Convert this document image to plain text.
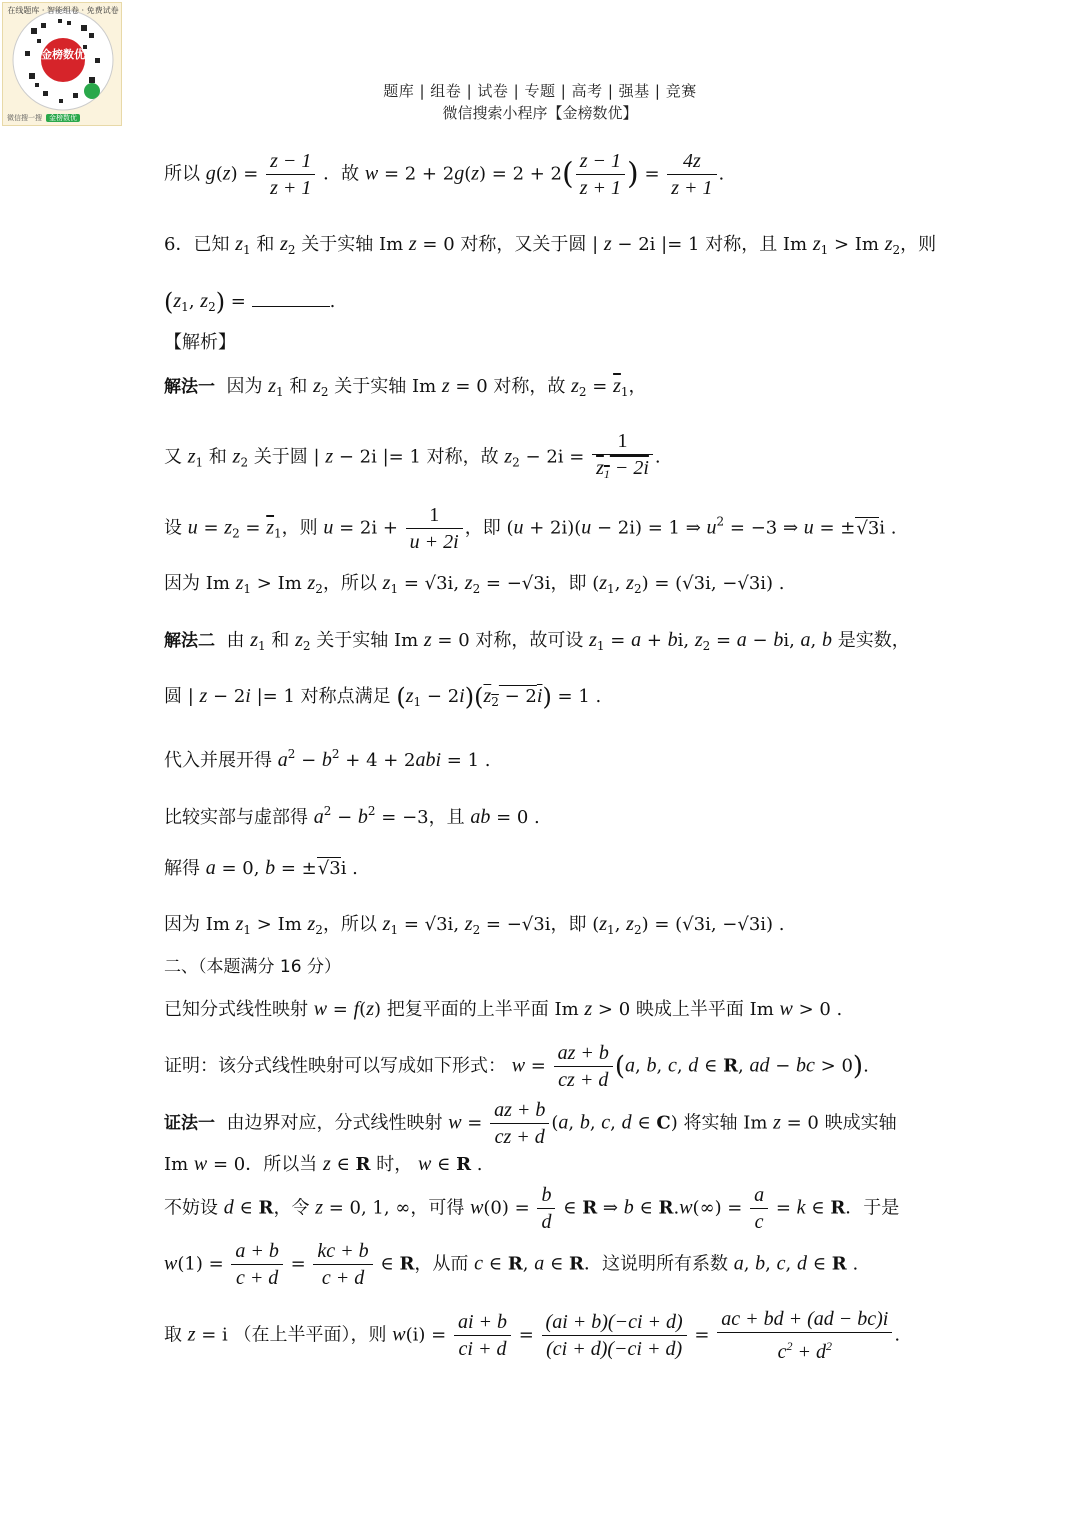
金榜数优
在线题库 · 智能组卷 · 免费试卷
微信搜一搜 金榜数优
题库 | 组卷 | 试卷 | 专题 | 高考 | 强基 | 竞赛
微信搜索小程序【金榜数优】
所以 $g(z) = \frac{z - 1}{z + 1}$ ．故 $w = 2 + 2g(z) = 2 + 2( \frac{z - 1}{z + 1}$ ) = $\frac{4z}{z + 1}$ .
6．已知 $z_1$ 和 $z_2$ 关于实轴 Im z = 0 对称，又关于圆 | z − 2i |= 1 对称，且 Im $z_1 > Im$ $z_2$，则
($z_1$, $z_2$) =	.
【解析】
解法一 因为 $z_1$ 和 $z_2$ 关于实轴 Im z = 0 对称，故 $z_2 = \overline{z}_1$，
又 $z_1$ 和 $z_2$ 关于圆 | z − 2i |= 1 对称，故 $z_2 - 2i = \frac{1}{z_1 - 2i}$ .
设 $u = z_2 = \overline{z}_1$，则 $u = 2i + \frac{1}{u + 2i}$ ，即 (u + 2i)(u − 2i) = 1 ⇒ $u^2 = -3$ ⇒ u = ±√3i .
因为 Im $z_1 > Im$ $z_2$，所以 $z_1 = √3i$, $z_2 = -√3i$，即 ($z_1$, $z_2) = (√3i$, −√3i) .
解法二 由 $z_1$ 和 $z_2$ 关于实轴 Im z = 0 对称，故可设 $z_1 = a$ + bi, $z_2 = a$ − bi, a, b 是实数，
圆 | z − 2i |= 1 对称点满足 $(z_1 - 2i)(z_2 - 2i) = 1$ .
代入并展开得 $a^2 - b^2 + 4 + 2abi = 1$ .
比较实部与虚部得 $a^2 - b^2 = -3$，且 ab = 0 .
解得 a = 0, b = ±√3i .
因为 Im $z_1 > Im$ $z_2$，所以 $z_1 = √3i$, $z_2 = -√3i$，即 ($z_1$, $z_2) = (√3i$, −√3i) .
二、（本题满分 16 分）
已知分式线性映射 w = f(z) 把复平面的上半平面 Im z > 0 映成上半平面 Im w > 0 .
证明：该分式线性映射可以写成如下形式： $w = \frac{az + b}{cz + d} (a$, b, c, d ∈ R, ad − bc > 0).
证法一 由边界对应，分式线性映射 $w = \frac{az + b}{cz + d} (a$, b, c, d ∈ C) 将实轴 Im z = 0 映成实轴
Im w = 0．所以当 z ∈ R 时， w ∈ R .
不妨设 d ∈ R，令 z = 0, 1, ∞，可得 $w(0) = \frac{b}{d}$ ∈ R ⇒ b ∈ $R.w(\infty) = \frac{a}{c} = k$ ∈ R．于是
$w(1) = \frac{a + b}{c + d} = \frac{kc + b}{c + d}$ ∈ R，从而 c ∈ R, a ∈ R．这说明所有系数 a, b, c, d ∈ R .
取 z = i （在上半平面），则 $w(i) = \frac{ai + b}{ci + d} = \frac{(ai + b)(-ci + d)}{(ci + d)(-ci + d)} = \frac{ac + bd + (ad - bc)i}{c^2 + d^2}$ .
